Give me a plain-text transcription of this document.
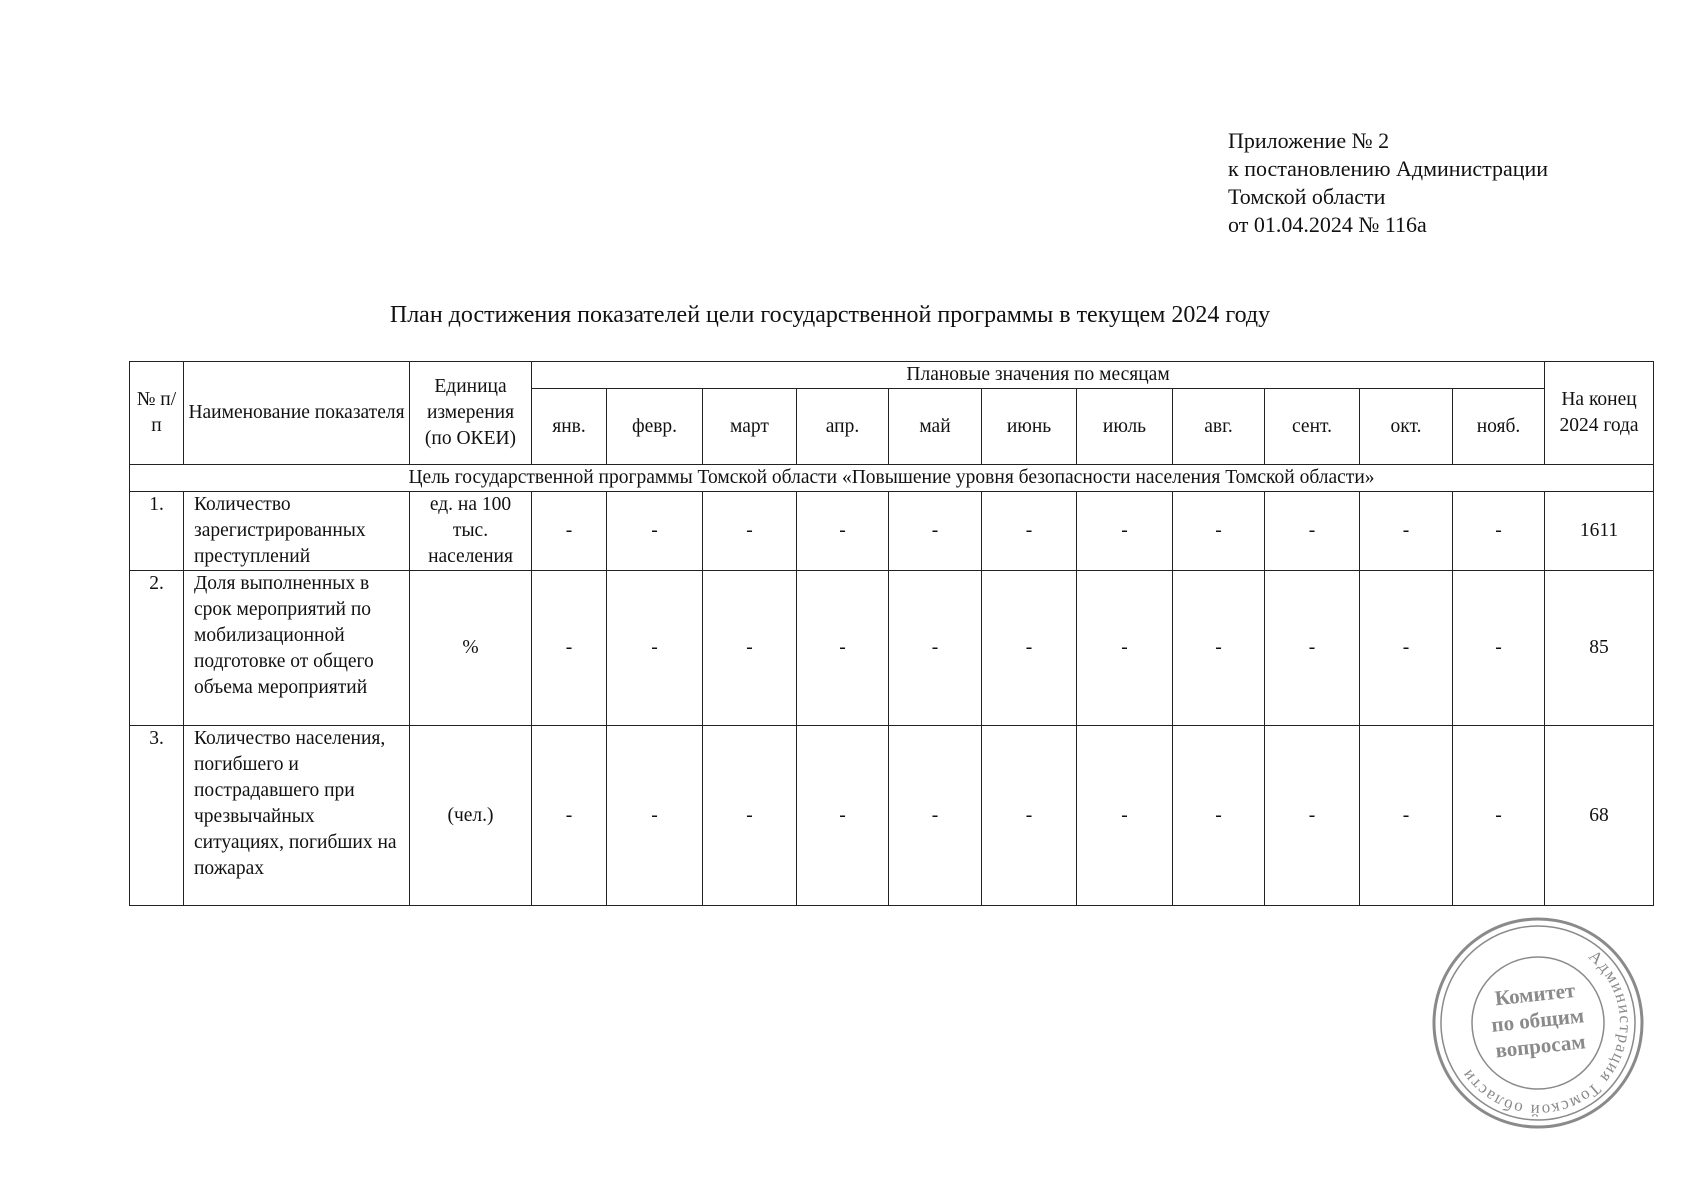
Приложение № 2
к постановлению Администрации
Томской области
от 01.04.2024 № 116а
План достижения показателей цели государственной программы в текущем 2024 году
№ п/п	Наименование показателя	Единица измерения (по ОКЕИ)	Плановые значения по месяцам											На конец 2024 года
			янв.	февр.	март	апр.	май	июнь	июль	авг.	сент.	окт.	нояб.	
Цель государственной программы Томской области «Повышение уровня безопасности населения Томской области»														
1.	Количество зарегистрированных преступлений	ед. на 100 тыс. населения	-	-	-	-	-	-	-	-	-	-	-	1611
2.	Доля выполненных в срок мероприятий по мобилизационной подготовке от общего объема мероприятий	%	-	-	-	-	-	-	-	-	-	-	-	85
3.	Количество населения, погибшего и пострадавшего при чрезвычайных ситуациях, погибших на пожарах	(чел.)	-	-	-	-	-	-	-	-	-	-	-	68
Администрация Томской области
Комитет
по общим
вопросам
